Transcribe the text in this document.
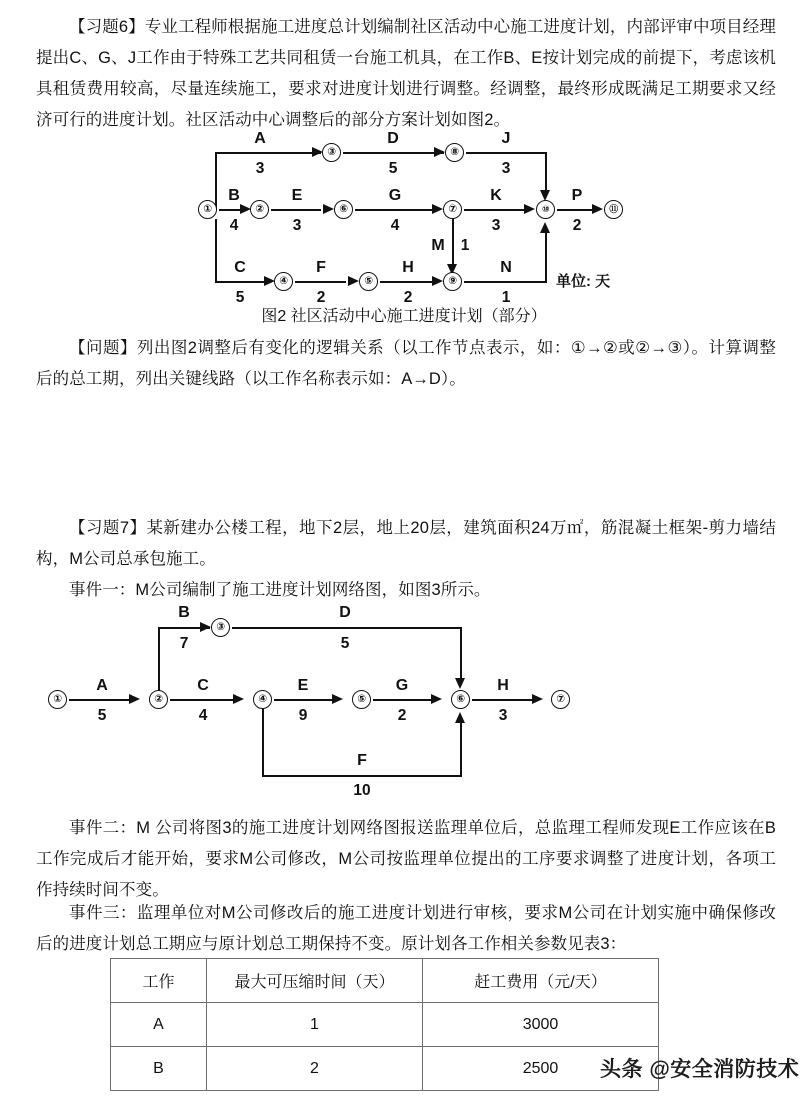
【习题6】专业工程师根据施工进度总计划编制社区活动中心施工进度计划，内部评审中项目经理提出C、G、J工作由于特殊工艺共同租赁一台施工机具，在工作B、E按计划完成的前提下，考虑该机具租赁费用较高，尽量连续施工，要求对进度计划进行调整。经调整，最终形成既满足工期要求又经济可行的进度计划。社区活动中心调整后的部分方案计划如图2。
A
3
③
D
5
⑧
J
3
①
B
4
②
E
3
⑥
G
4
⑦
K
3
⑩
P
2
⑪
M 1
C
5
④
F
2
⑤
H
2
⑨
N
1
单位: 天
图2 社区活动中心施工进度计划（部分）
【问题】列出图2调整后有变化的逻辑关系（以工作节点表示，如：①→②或②→③）。计算调整后的总工期，列出关键线路（以工作名称表示如：A→D）。
【习题7】某新建办公楼工程，地下2层，地上20层，建筑面积24万㎡，筋混凝土框架-剪力墙结构，M公司总承包施工。
事件一：M公司编制了施工进度计划网络图，如图3所示。
B
7
③
D
5
①
A
5
②
C
4
④
E
9
⑤
G
2
⑥
H
3
⑦
F
10
事件二：M 公司将图3的施工进度计划网络图报送监理单位后，总监理工程师发现E工作应该在B工作完成后才能开始，要求M公司修改，M公司按监理单位提出的工序要求调整了进度计划，各项工作持续时间不变。
事件三：监理单位对M公司修改后的施工进度计划进行审核，要求M公司在计划实施中确保修改后的进度计划总工期应与原计划总工期保持不变。原计划各工作相关参数见表3：
工作	最大可压缩时间（天）	赶工费用（元/天）
A	1	3000
B	2	2500 头条 @安全消防技术
